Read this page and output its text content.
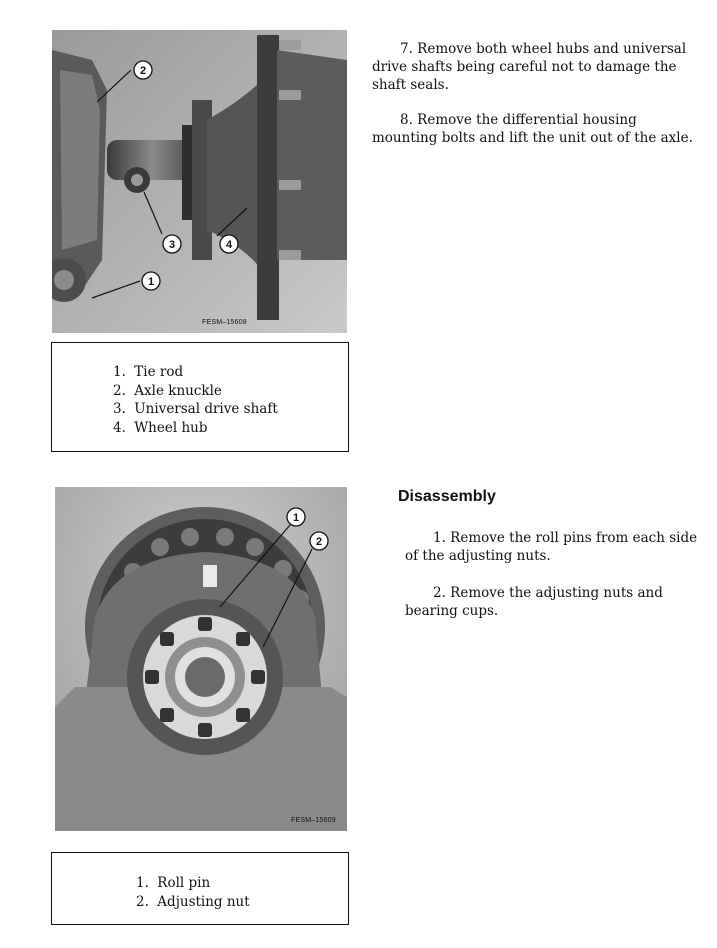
2
3	4
1
FESM–15608
1. Tie rod
2. Axle knuckle
3. Universal drive shaft
4. Wheel hub

7. Remove both wheel hubs and universal drive shafts being careful not to damage the shaft seals.

8. Remove the differential housing mounting bolts and lift the unit out of the axle.

1
2
FESM–15609
1. Roll pin
2. Adjusting nut
Disassembly

1. Remove the roll pins from each side of the adjusting nuts.

2. Remove the adjusting nuts and bearing cups.
